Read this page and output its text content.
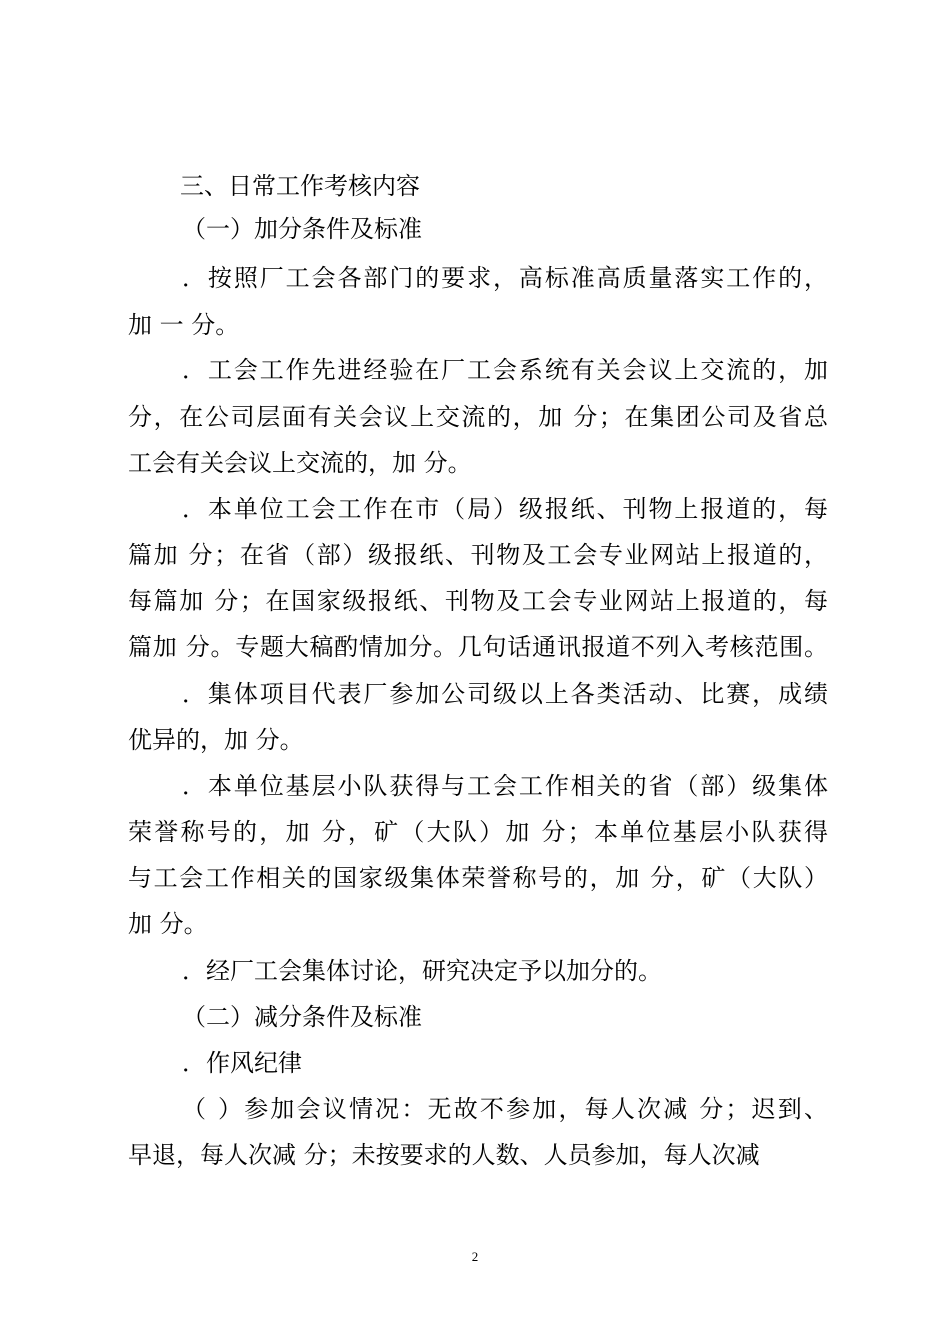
三、日常工作考核内容

（一）加分条件及标准

．按照厂工会各部门的要求，高标准高质量落实工作的，

加 一 分。

．工会工作先进经验在厂工会系统有关会议上交流的，加

分，在公司层面有关会议上交流的，加 分；在集团公司及省总

工会有关会议上交流的，加 分。

．本单位工会工作在市（局）级报纸、刊物上报道的，每

篇加 分；在省（部）级报纸、刊物及工会专业网站上报道的，

每篇加 分；在国家级报纸、刊物及工会专业网站上报道的，每

篇加 分。专题大稿酌情加分。几句话通讯报道不列入考核范围。

．集体项目代表厂参加公司级以上各类活动、比赛，成绩

优异的，加 分。

．本单位基层小队获得与工会工作相关的省（部）级集体

荣誉称号的，加 分，矿（大队）加 分；本单位基层小队获得

与工会工作相关的国家级集体荣誉称号的，加 分，矿（大队）

加 分。

．经厂工会集体讨论，研究决定予以加分的。

（二）减分条件及标准

．作风纪律

（ ）参加会议情况：无故不参加，每人次减 分；迟到、

早退，每人次减 分；未按要求的人数、人员参加，每人次减

2
